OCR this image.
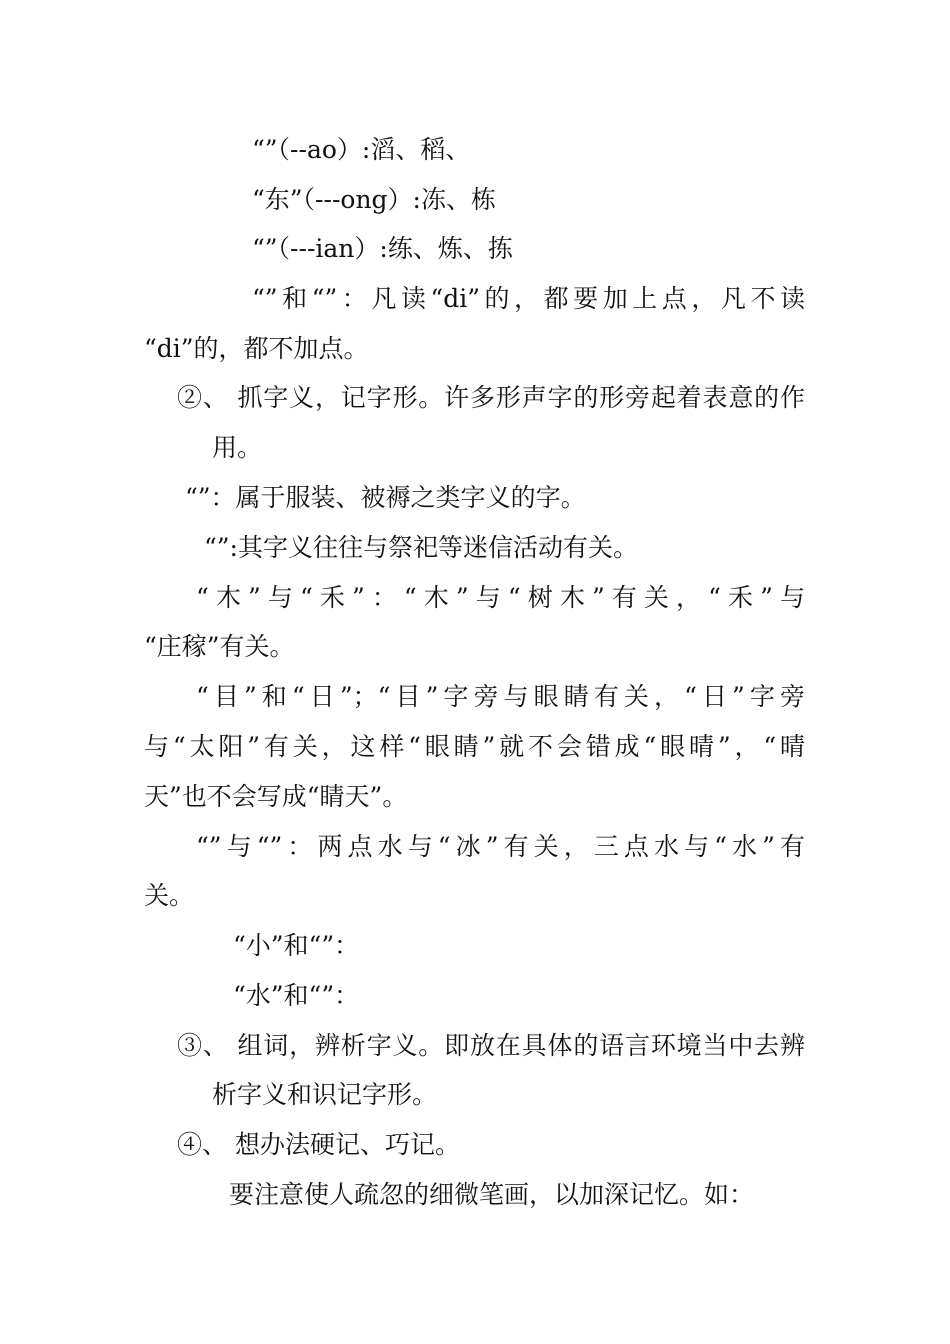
“”（--ao）:滔、稻、
“东”（---ong）:冻、栋
“”（---ian）:练、炼、拣
“”和“”：凡读“di”的，都要加上点，凡不读
“di”的，都不加点。
②、 抓字义，记字形。许多形声字的形旁起着表意的作
用。
“”：属于服装、被褥之类字义的字。
“”:其字义往往与祭祀等迷信活动有关。
“木”与“禾”：“木”与“树木”有关，“禾”与
“庄稼”有关。
“目”和“日”；“目”字旁与眼睛有关，“日”字旁
与“太阳”有关，这样“眼睛”就不会错成“眼晴”，“晴
天”也不会写成“睛天”。
“”与“”：两点水与“冰”有关，三点水与“水”有
关。
“小”和“”：
“水”和“”：
③、 组词，辨析字义。即放在具体的语言环境当中去辨
析字义和识记字形。
④、 想办法硬记、巧记。
要注意使人疏忽的细微笔画，以加深记忆。如：
